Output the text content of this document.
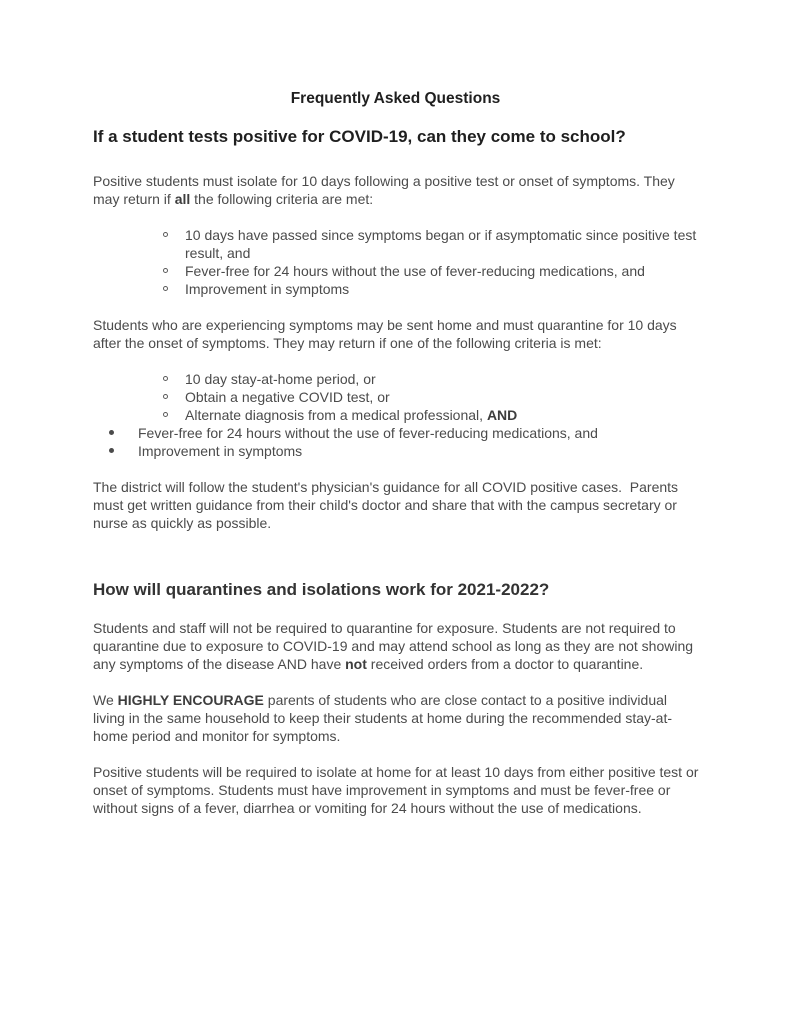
Frequently Asked Questions
If a student tests positive for COVID-19, can they come to school?

Positive students must isolate for 10 days following a positive test or onset of symptoms. They may return if all the following criteria are met:

10 days have passed since symptoms began or if asymptomatic since positive test result, and
Fever-free for 24 hours without the use of fever-reducing medications, and
Improvement in symptoms

Students who are experiencing symptoms may be sent home and must quarantine for 10 days after the onset of symptoms. They may return if one of the following criteria is met:

10 day stay-at-home period, or
Obtain a negative COVID test, or
Alternate diagnosis from a medical professional, AND
Fever-free for 24 hours without the use of fever-reducing medications, and
Improvement in symptoms

The district will follow the student's physician's guidance for all COVID positive cases.  Parents must get written guidance from their child's doctor and share that with the campus secretary or nurse as quickly as possible.

How will quarantines and isolations work for 2021-2022?

Students and staff will not be required to quarantine for exposure. Students are not required to quarantine due to exposure to COVID-19 and may attend school as long as they are not showing any symptoms of the disease AND have not received orders from a doctor to quarantine.

We HIGHLY ENCOURAGE parents of students who are close contact to a positive individual living in the same household to keep their students at home during the recommended stay-at-home period and monitor for symptoms.

Positive students will be required to isolate at home for at least 10 days from either positive test or onset of symptoms. Students must have improvement in symptoms and must be fever-free or without signs of a fever, diarrhea or vomiting for 24 hours without the use of medications.
